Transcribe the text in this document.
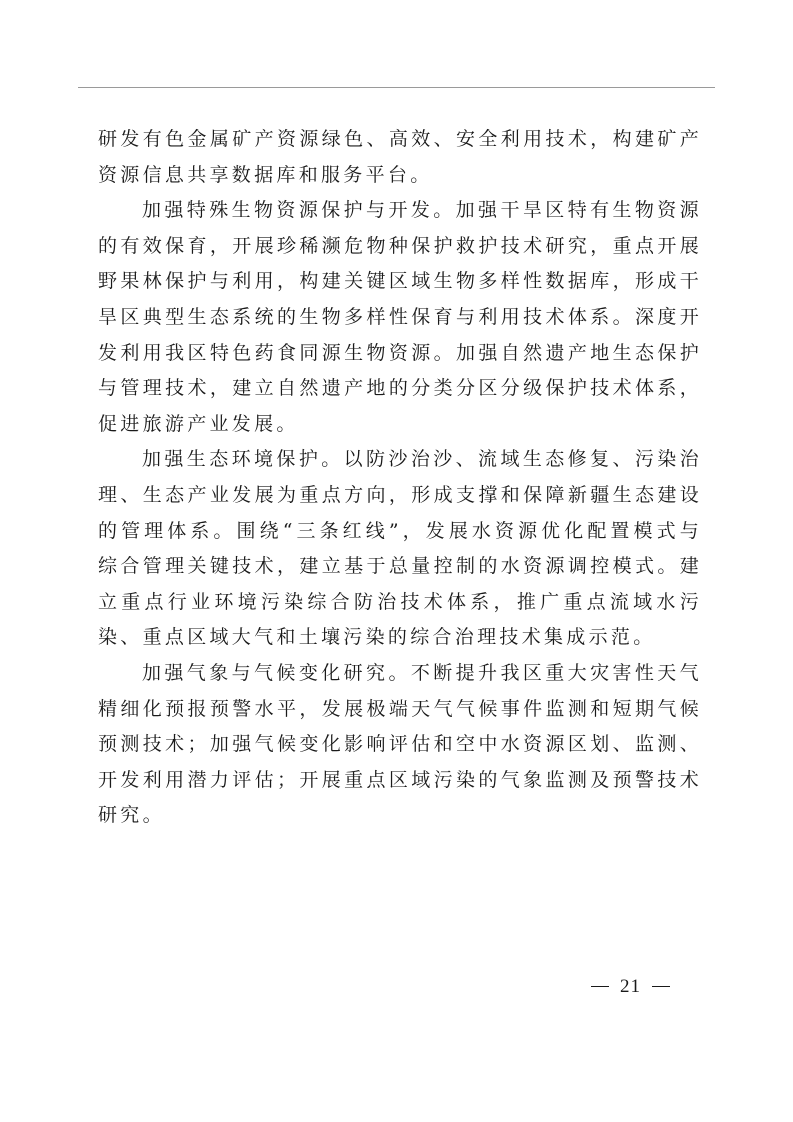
研发有色金属矿产资源绿色、高效、安全利用技术，构建矿产资源信息共享数据库和服务平台。

加强特殊生物资源保护与开发。加强干旱区特有生物资源的有效保育，开展珍稀濒危物种保护救护技术研究，重点开展野果林保护与利用，构建关键区域生物多样性数据库，形成干旱区典型生态系统的生物多样性保育与利用技术体系。深度开发利用我区特色药食同源生物资源。加强自然遗产地生态保护与管理技术，建立自然遗产地的分类分区分级保护技术体系，促进旅游产业发展。

加强生态环境保护。以防沙治沙、流域生态修复、污染治理、生态产业发展为重点方向，形成支撑和保障新疆生态建设的管理体系。围绕“三条红线”，发展水资源优化配置模式与综合管理关键技术，建立基于总量控制的水资源调控模式。建立重点行业环境污染综合防治技术体系，推广重点流域水污染、重点区域大气和土壤污染的综合治理技术集成示范。

加强气象与气候变化研究。不断提升我区重大灾害性天气精细化预报预警水平，发展极端天气气候事件监测和短期气候预测技术；加强气候变化影响评估和空中水资源区划、监测、开发利用潜力评估；开展重点区域污染的气象监测及预警技术研究。

21
